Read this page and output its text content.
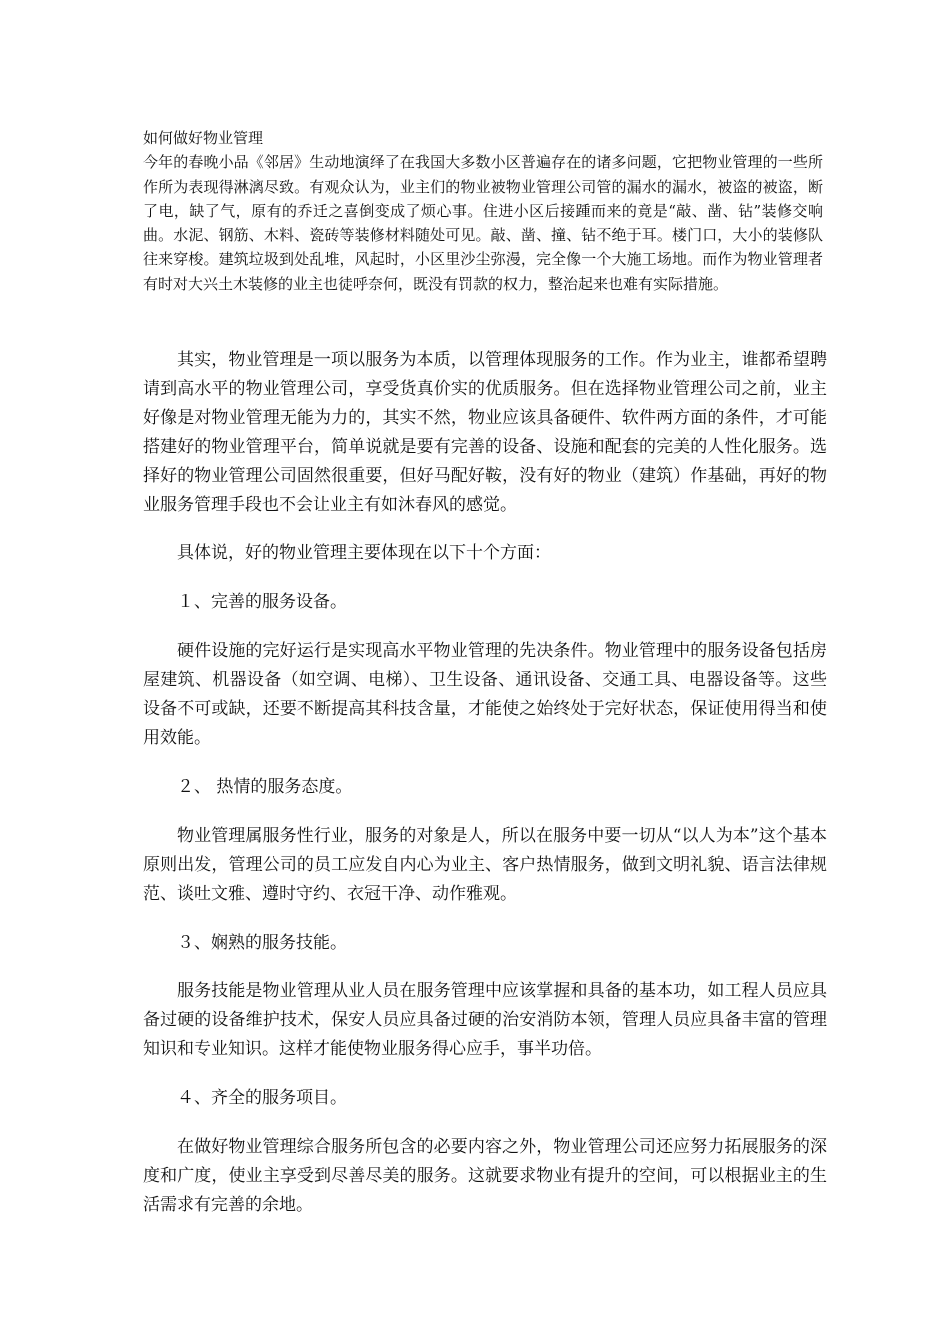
如何做好物业管理

今年的春晚小品《邻居》生动地演绎了在我国大多数小区普遍存在的诸多问题，它把物业管理的一些所作所为表现得淋漓尽致。有观众认为，业主们的物业被物业管理公司管的漏水的漏水，被盗的被盗，断了电，缺了气，原有的乔迁之喜倒变成了烦心事。住进小区后接踵而来的竟是“敲、凿、钻”装修交响曲。水泥、钢筋、木料、瓷砖等装修材料随处可见。敲、凿、撞、钻不绝于耳。楼门口，大小的装修队往来穿梭。建筑垃圾到处乱堆，风起时，小区里沙尘弥漫，完全像一个大施工场地。而作为物业管理者有时对大兴土木装修的业主也徒呼奈何，既没有罚款的权力，整治起来也难有实际措施。

其实，物业管理是一项以服务为本质，以管理体现服务的工作。作为业主，谁都希望聘请到高水平的物业管理公司，享受货真价实的优质服务。但在选择物业管理公司之前，业主好像是对物业管理无能为力的，其实不然，物业应该具备硬件、软件两方面的条件，才可能搭建好的物业管理平台，简单说就是要有完善的设备、设施和配套的完美的人性化服务。选择好的物业管理公司固然很重要，但好马配好鞍，没有好的物业（建筑）作基础，再好的物业服务管理手段也不会让业主有如沐春风的感觉。

具体说，好的物业管理主要体现在以下十个方面：

１、完善的服务设备。

硬件设施的完好运行是实现高水平物业管理的先决条件。物业管理中的服务设备包括房屋建筑、机器设备（如空调、电梯）、卫生设备、通讯设备、交通工具、电器设备等。这些设备不可或缺，还要不断提高其科技含量，才能使之始终处于完好状态，保证使用得当和使用效能。

２、 热情的服务态度。

物业管理属服务性行业，服务的对象是人，所以在服务中要一切从“以人为本”这个基本原则出发，管理公司的员工应发自内心为业主、客户热情服务，做到文明礼貌、语言法律规范、谈吐文雅、遵时守约、衣冠干净、动作雅观。

３、娴熟的服务技能。

服务技能是物业管理从业人员在服务管理中应该掌握和具备的基本功，如工程人员应具备过硬的设备维护技术，保安人员应具备过硬的治安消防本领，管理人员应具备丰富的管理知识和专业知识。这样才能使物业服务得心应手，事半功倍。

４、齐全的服务项目。

在做好物业管理综合服务所包含的必要内容之外，物业管理公司还应努力拓展服务的深度和广度，使业主享受到尽善尽美的服务。这就要求物业有提升的空间，可以根据业主的生活需求有完善的余地。
